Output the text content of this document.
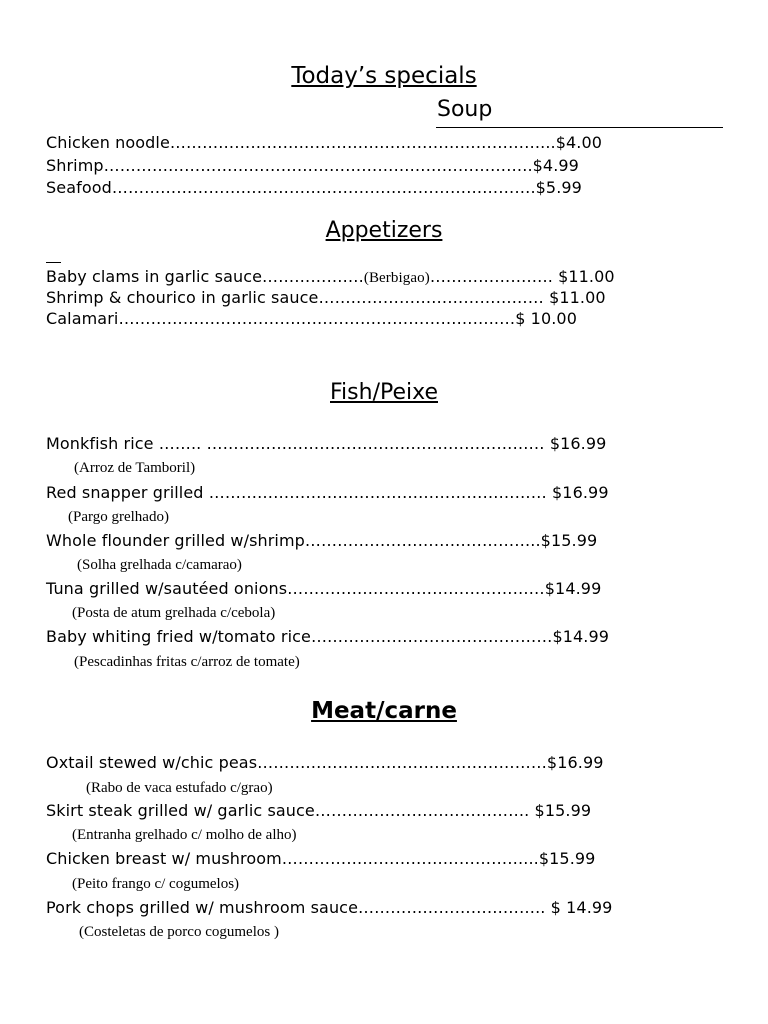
Today’s specials
Soup
Chicken noodle……………………………………………………………...$4.00
Shrimp……………………………………………………………………..$4.99
Seafood…………………………………………………………………….$5.99
Appetizers
Baby clams in garlic sauce……………….(Berbigao)………………….. $11.00
Shrimp & chourico in garlic sauce…………………………………… $11.00
Calamari……………………………………………………………..…$ 10.00
Fish/Peixe
Monkfish rice …….. ……………………………………………………… $16.99
(Arroz de Tamboril)
Red snapper grilled ……………………………………………………… $16.99
(Pargo grelhado)
Whole flounder grilled w/shrimp……………………………………..$15.99
(Solha grelhada c/camarao)
Tuna grilled w/sautéed onions…………………………………………$14.99
(Posta de atum grelhada c/cebola)
Baby whiting fried w/tomato rice………………………………………$14.99
(Pescadinhas fritas c/arroz de tomate)
Meat/carne
Oxtail stewed w/chic peas………………………………………………$16.99
(Rabo de vaca estufado c/grao)
Skirt steak grilled w/ garlic sauce…………………………………. $15.99
(Entranha grelhado c/ molho de alho)
Chicken breast w/ mushroom………………………………………...$15.99
(Peito frango c/ cogumelos)
Pork chops grilled w/ mushroom sauce…………………………….. $ 14.99
(Costeletas de porco cogumelos )
